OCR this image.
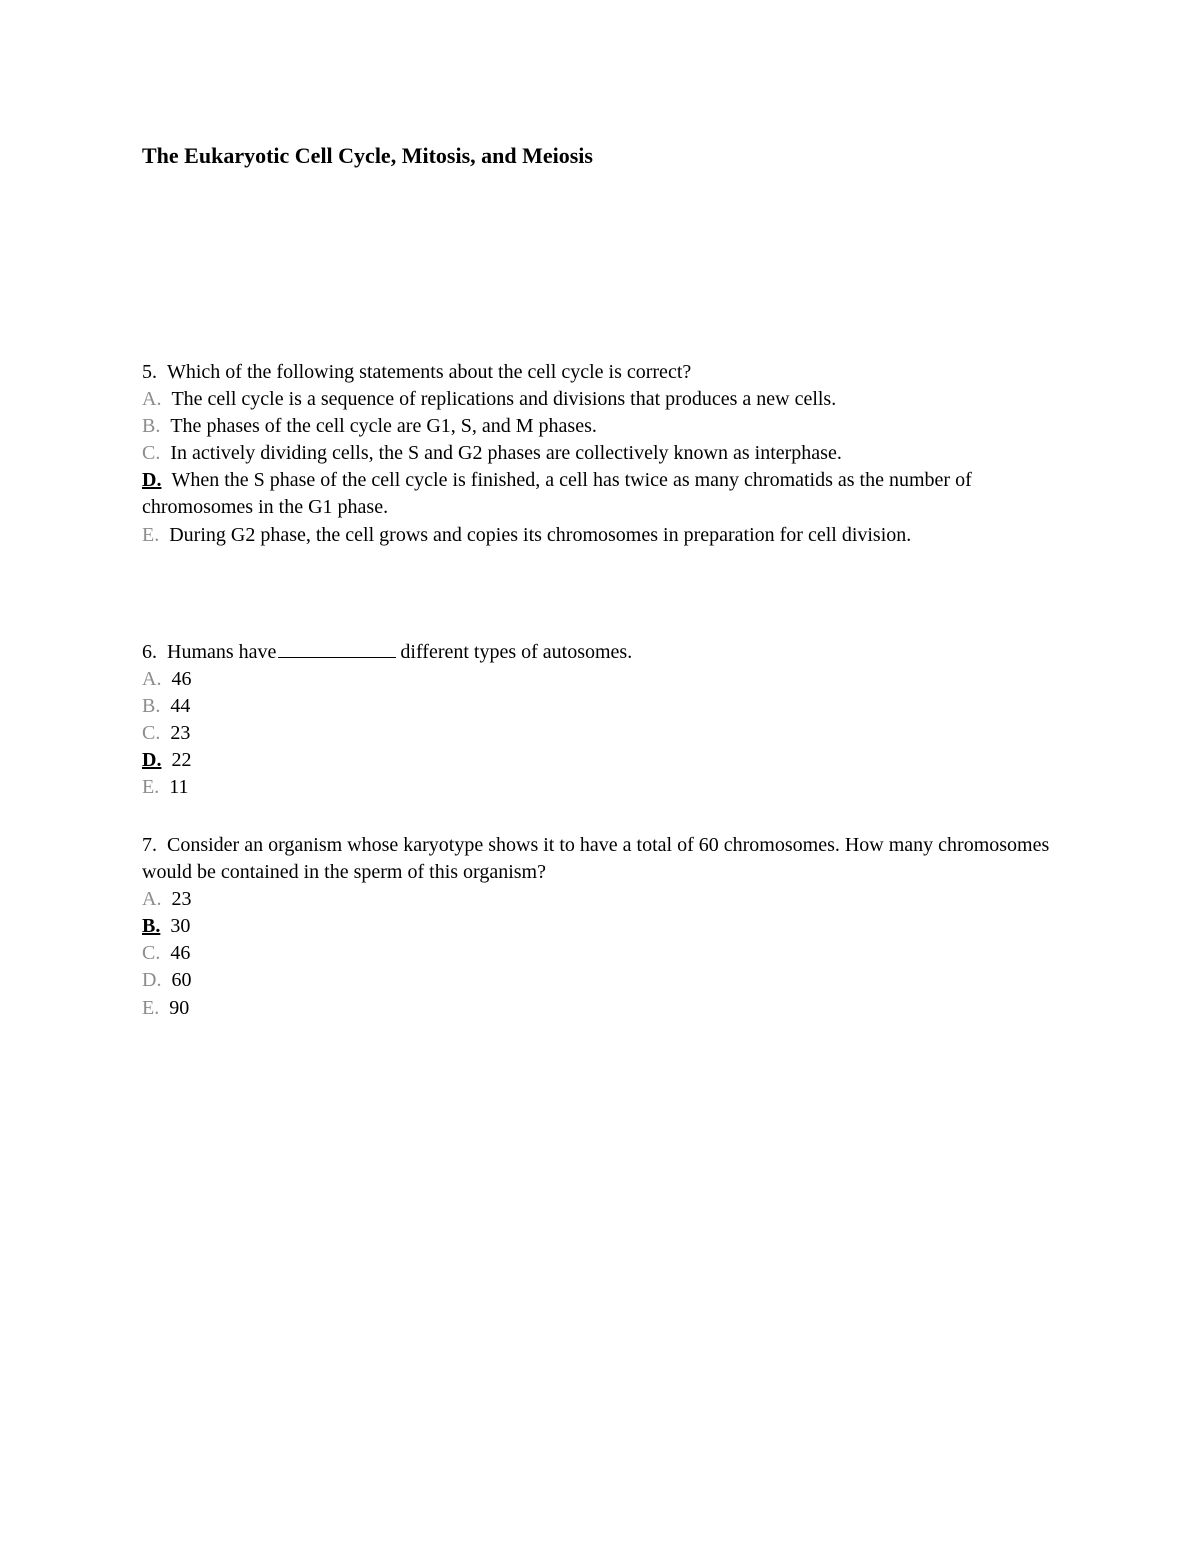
The Eukaryotic Cell Cycle, Mitosis, and Meiosis
5. Which of the following statements about the cell cycle is correct?
A. The cell cycle is a sequence of replications and divisions that produces a new cells.
B. The phases of the cell cycle are G1, S, and M phases.
C. In actively dividing cells, the S and G2 phases are collectively known as interphase.
D. When the S phase of the cell cycle is finished, a cell has twice as many chromatids as the number of chromosomes in the G1 phase.
E. During G2 phase, the cell grows and copies its chromosomes in preparation for cell division.
6. Humans have	different types of autosomes.
A. 46
B. 44
C. 23
D. 22
E. 11
7. Consider an organism whose karyotype shows it to have a total of 60 chromosomes. How many chromosomes would be contained in the sperm of this organism?
A. 23
B. 30
C. 46
D. 60
E. 90
